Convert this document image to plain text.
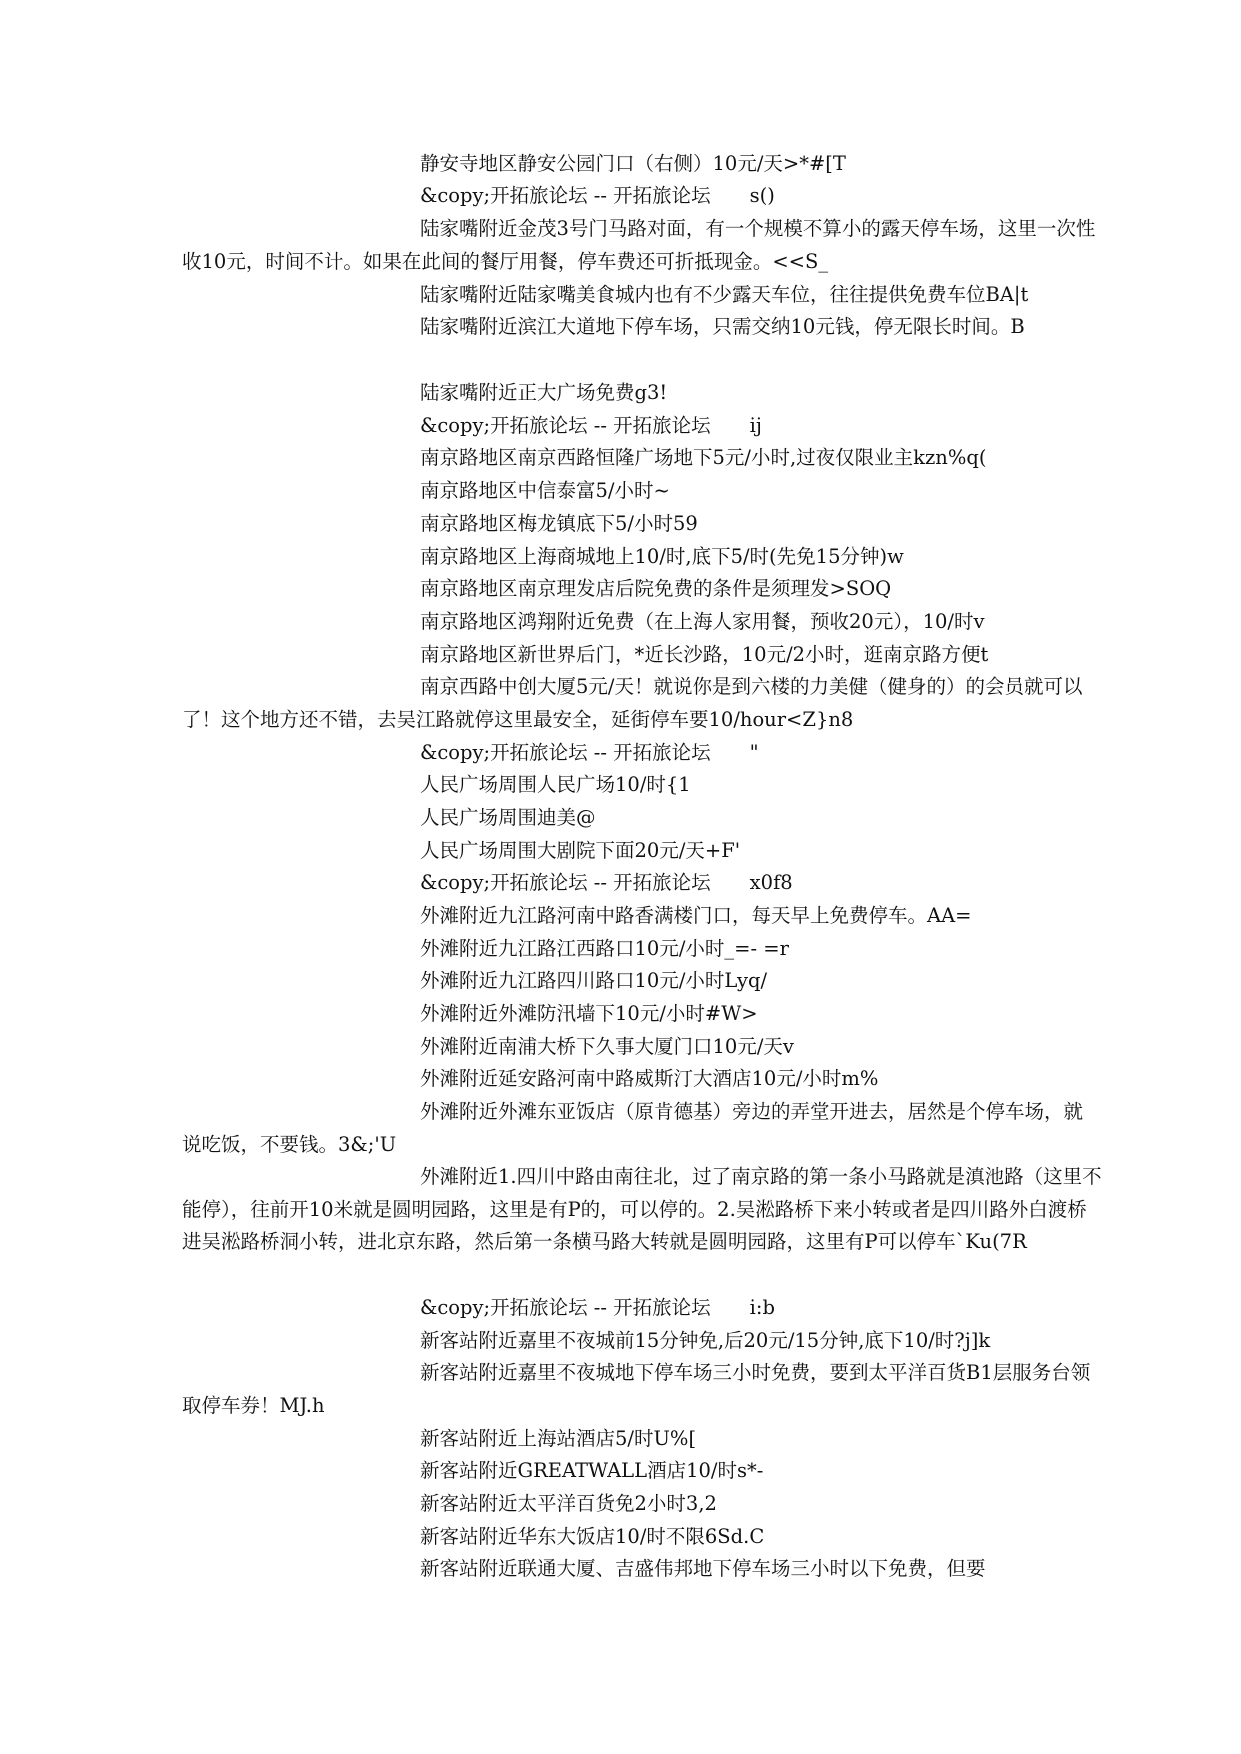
静安寺地区静安公园门口（右侧）10元/天>*#[T

&copy;开拓旅论坛 -- 开拓旅论坛　　s()

陆家嘴附近金茂3号门马路对面，有一个规模不算小的露天停车场，这里一次性收10元，时间不计。如果在此间的餐厅用餐，停车费还可折抵现金。<<S_

陆家嘴附近陆家嘴美食城内也有不少露天车位，往往提供免费车位BA|t

陆家嘴附近滨江大道地下停车场，只需交纳10元钱，停无限长时间。B

陆家嘴附近正大广场免费g3!

&copy;开拓旅论坛 -- 开拓旅论坛　　ij

南京路地区南京西路恒隆广场地下5元/小时,过夜仅限业主kzn%q(

南京路地区中信泰富5/小时~

南京路地区梅龙镇底下5/小时59

南京路地区上海商城地上10/时,底下5/时(先免15分钟)w

南京路地区南京理发店后院免费的条件是须理发>SOQ

南京路地区鸿翔附近免费（在上海人家用餐，预收20元），10/时v

南京路地区新世界后门，*近长沙路，10元/2小时，逛南京路方便t

南京西路中创大厦5元/天！就说你是到六楼的力美健（健身的）的会员就可以了！这个地方还不错，去吴江路就停这里最安全，延街停车要10/hour<Z}n8

&copy;开拓旅论坛 -- 开拓旅论坛　　"

人民广场周围人民广场10/时{1

人民广场周围迪美@

人民广场周围大剧院下面20元/天+F'

&copy;开拓旅论坛 -- 开拓旅论坛　　x0f8

外滩附近九江路河南中路香满楼门口，每天早上免费停车。AA=

外滩附近九江路江西路口10元/小时_=- =r

外滩附近九江路四川路口10元/小时Lyq/

外滩附近外滩防汛墙下10元/小时#W>

外滩附近南浦大桥下久事大厦门口10元/天v

外滩附近延安路河南中路威斯汀大酒店10元/小时m%

外滩附近外滩东亚饭店（原肯德基）旁边的弄堂开进去，居然是个停车场，就说吃饭，不要钱。3&;'U

外滩附近1.四川中路由南往北，过了南京路的第一条小马路就是滇池路（这里不能停），往前开10米就是圆明园路，这里是有P的，可以停的。2.吴淞路桥下来小转或者是四川路外白渡桥进吴淞路桥洞小转，进北京东路，然后第一条横马路大转就是圆明园路，这里有P可以停车`Ku(7R

&copy;开拓旅论坛 -- 开拓旅论坛　　i:b

新客站附近嘉里不夜城前15分钟免,后20元/15分钟,底下10/时?j]k

新客站附近嘉里不夜城地下停车场三小时免费，要到太平洋百货B1层服务台领取停车券！MJ.h

新客站附近上海站酒店5/时U%[

新客站附近GREATWALL酒店10/时s*-

新客站附近太平洋百货免2小时3,2

新客站附近华东大饭店10/时不限6Sd.C

新客站附近联通大厦、吉盛伟邦地下停车场三小时以下免费，但要
